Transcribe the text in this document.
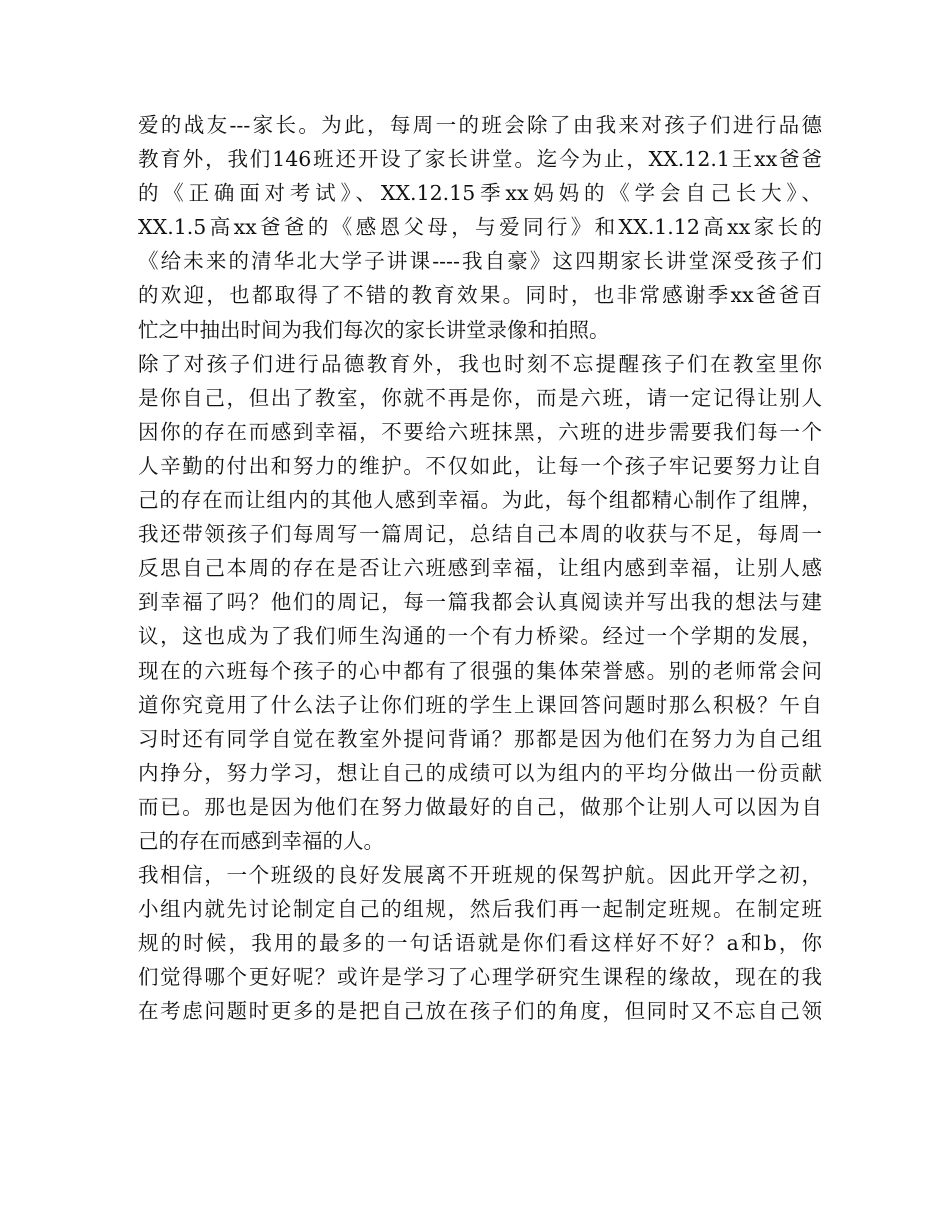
爱的战友---家长。为此，每周一的班会除了由我来对孩子们进行品德
教育外，我们146班还开设了家长讲堂。迄今为止，XX.12.1王xx爸爸
的《正确面对考试》、XX.12.15季xx妈妈的《学会自己长大》、
XX.1.5高xx爸爸的《感恩父母，与爱同行》和XX.1.12高xx家长的
《给未来的清华北大学子讲课----我自豪》这四期家长讲堂深受孩子们
的欢迎，也都取得了不错的教育效果。同时，也非常感谢季xx爸爸百
忙之中抽出时间为我们每次的家长讲堂录像和拍照。
除了对孩子们进行品德教育外，我也时刻不忘提醒孩子们在教室里你
是你自己，但出了教室，你就不再是你，而是六班，请一定记得让别人
因你的存在而感到幸福，不要给六班抹黑，六班的进步需要我们每一个
人辛勤的付出和努力的维护。不仅如此，让每一个孩子牢记要努力让自
己的存在而让组内的其他人感到幸福。为此，每个组都精心制作了组牌，
我还带领孩子们每周写一篇周记，总结自己本周的收获与不足，每周一
反思自己本周的存在是否让六班感到幸福，让组内感到幸福，让别人感
到幸福了吗？他们的周记，每一篇我都会认真阅读并写出我的想法与建
议，这也成为了我们师生沟通的一个有力桥梁。经过一个学期的发展，
现在的六班每个孩子的心中都有了很强的集体荣誉感。别的老师常会问
道你究竟用了什么法子让你们班的学生上课回答问题时那么积极？午自
习时还有同学自觉在教室外提问背诵？那都是因为他们在努力为自己组
内挣分，努力学习，想让自己的成绩可以为组内的平均分做出一份贡献
而已。那也是因为他们在努力做最好的自己，做那个让别人可以因为自
己的存在而感到幸福的人。
我相信，一个班级的良好发展离不开班规的保驾护航。因此开学之初，
小组内就先讨论制定自己的组规，然后我们再一起制定班规。在制定班
规的时候，我用的最多的一句话语就是你们看这样好不好？a和b，你
们觉得哪个更好呢？或许是学习了心理学研究生课程的缘故，现在的我
在考虑问题时更多的是把自己放在孩子们的角度，但同时又不忘自己领
